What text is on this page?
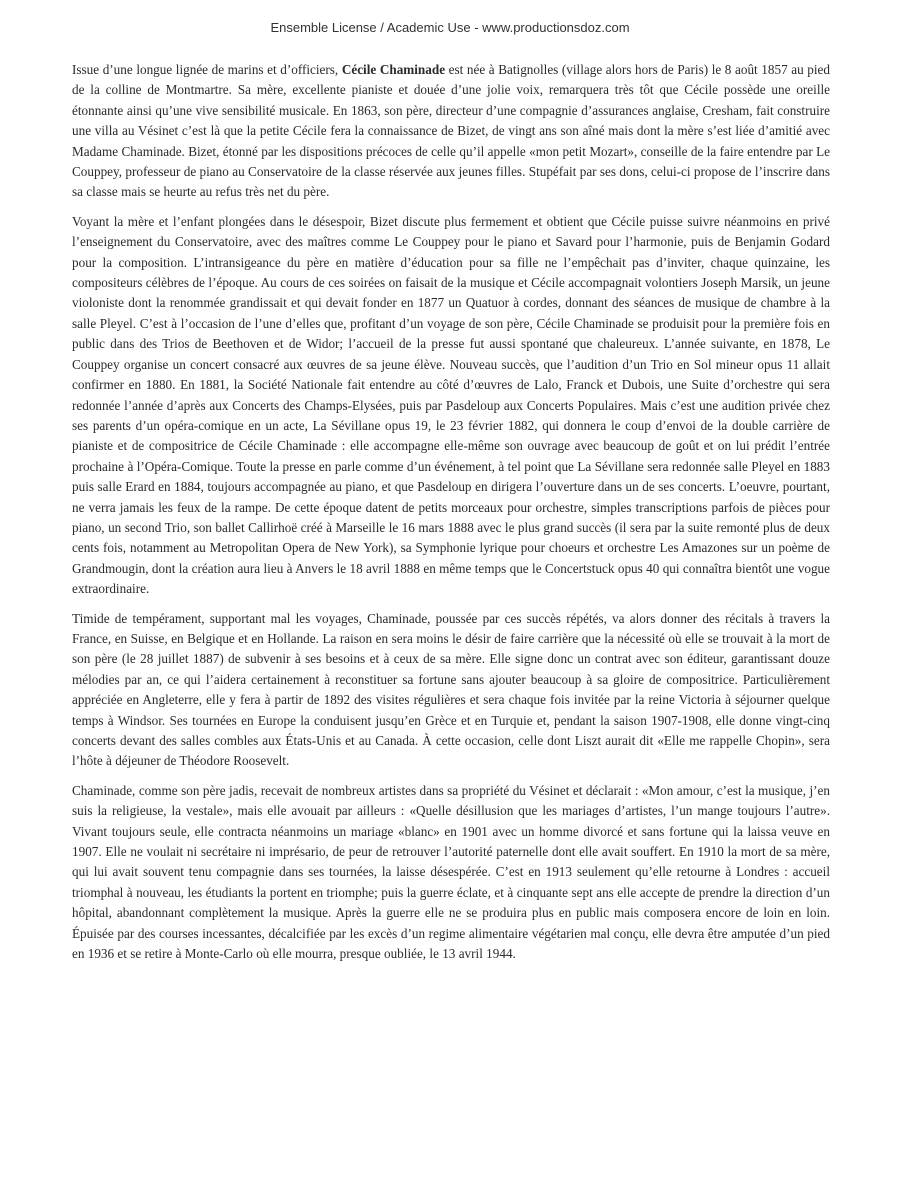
Ensemble License / Academic Use - www.productionsdoz.com

Issue d’une longue lignée de marins et d’officiers, Cécile Chaminade est née à Batignolles (village alors hors de Paris) le 8 août 1857 au pied de la colline de Montmartre. Sa mère, excellente pianiste et douée d’une jolie voix, remarquera très tôt que Cécile possède une oreille étonnante ainsi qu’une vive sensibilité musicale. En 1863, son père, directeur d’une compagnie d’assurances anglaise, Cresham, fait construire une villa au Vésinet c’est là que la petite Cécile fera la connaissance de Bizet, de vingt ans son aîné mais dont la mère s’est liée d’amitié avec Madame Chaminade. Bizet, étonné par les dispositions précoces de celle qu’il appelle «mon petit Mozart», conseille de la faire entendre par Le Couppey, professeur de piano au Conservatoire de la classe réservée aux jeunes filles. Stupéfait par ses dons, celui-ci propose de l’inscrire dans sa classe mais se heurte au refus très net du père.

Voyant la mère et l’enfant plongées dans le désespoir, Bizet discute plus fermement et obtient que Cécile puisse suivre néanmoins en privé l’enseignement du Conservatoire, avec des maîtres comme Le Couppey pour le piano et Savard pour l’harmonie, puis de Benjamin Godard pour la composition. L’intransigeance du père en matière d’éducation pour sa fille ne l’empêchait pas d’inviter, chaque quinzaine, les compositeurs célèbres de l’époque. Au cours de ces soirées on faisait de la musique et Cécile accompagnait volontiers Joseph Marsik, un jeune violoniste dont la renommée grandissait et qui devait fonder en 1877 un Quatuor à cordes, donnant des séances de musique de chambre à la salle Pleyel. C’est à l’occasion de l’une d’elles que, profitant d’un voyage de son père, Cécile Chaminade se produisit pour la première fois en public dans des Trios de Beethoven et de Widor; l’accueil de la presse fut aussi spontané que chaleureux. L’année suivante, en 1878, Le Couppey organise un concert consacré aux œuvres de sa jeune élève. Nouveau succès, que l’audition d’un Trio en Sol mineur opus 11 allait confirmer en 1880. En 1881, la Société Nationale fait entendre au côté d’œuvres de Lalo, Franck et Dubois, une Suite d’orchestre qui sera redonnée l’année d’après aux Concerts des Champs-Elysées, puis par Pasdeloup aux Concerts Populaires. Mais c’est une audition privée chez ses parents d’un opéra-comique en un acte, La Sévillane opus 19, le 23 février 1882, qui donnera le coup d’envoi de la double carrière de pianiste et de compositrice de Cécile Chaminade : elle accompagne elle-même son ouvrage avec beaucoup de goût et on lui prédit l’entrée prochaine à l’Opéra-Comique. Toute la presse en parle comme d’un événement, à tel point que La Sévillane sera redonnée salle Pleyel en 1883 puis salle Erard en 1884, toujours accompagnée au piano, et que Pasdeloup en dirigera l’ouverture dans un de ses concerts. L’oeuvre, pourtant, ne verra jamais les feux de la rampe. De cette époque datent de petits morceaux pour orchestre, simples transcriptions parfois de pièces pour piano, un second Trio, son ballet Callirhoë créé à Marseille le 16 mars 1888 avec le plus grand succès (il sera par la suite remonté plus de deux cents fois, notamment au Metropolitan Opera de New York), sa Symphonie lyrique pour choeurs et orchestre Les Amazones sur un poème de Grandmougin, dont la création aura lieu à Anvers le 18 avril 1888 en même temps que le Concertstuck opus 40 qui connaîtra bientôt une vogue extraordinaire.

Timide de tempérament, supportant mal les voyages, Chaminade, poussée par ces succès répétés, va alors donner des récitals à travers la France, en Suisse, en Belgique et en Hollande. La raison en sera moins le désir de faire carrière que la nécessité où elle se trouvait à la mort de son père (le 28 juillet 1887) de subvenir à ses besoins et à ceux de sa mère. Elle signe donc un contrat avec son éditeur, garantissant douze mélodies par an, ce qui l’aidera certainement à reconstituer sa fortune sans ajouter beaucoup à sa gloire de compositrice. Particulièrement appréciée en Angleterre, elle y fera à partir de 1892 des visites régulières et sera chaque fois invitée par la reine Victoria à séjourner quelque temps à Windsor. Ses tournées en Europe la conduisent jusqu’en Grèce et en Turquie et, pendant la saison 1907-1908, elle donne vingt-cinq concerts devant des salles combles aux États-Unis et au Canada. À cette occasion, celle dont Liszt aurait dit «Elle me rappelle Chopin», sera l’hôte à déjeuner de Théodore Roosevelt.

Chaminade, comme son père jadis, recevait de nombreux artistes dans sa propriété du Vésinet et déclarait : «Mon amour, c’est la musique, j’en suis la religieuse, la vestale», mais elle avouait par ailleurs : «Quelle désillusion que les mariages d’artistes, l’un mange toujours l’autre». Vivant toujours seule, elle contracta néanmoins un mariage «blanc» en 1901 avec un homme divorcé et sans fortune qui la laissa veuve en 1907. Elle ne voulait ni secrétaire ni imprésario, de peur de retrouver l’autorité paternelle dont elle avait souffert. En 1910 la mort de sa mère, qui lui avait souvent tenu compagnie dans ses tournées, la laisse désespérée. C’est en 1913 seulement qu’elle retourne à Londres : accueil triomphal à nouveau, les étudiants la portent en triomphe; puis la guerre éclate, et à cinquante sept ans elle accepte de prendre la direction d’un hôpital, abandonnant complètement la musique. Après la guerre elle ne se produira plus en public mais composera encore de loin en loin. Épuisée par des courses incessantes, décalcifiée par les excès d’un regime alimentaire végétarien mal conçu, elle devra être amputée d’un pied en 1936 et se retire à Monte-Carlo où elle mourra, presque oubliée, le 13 avril 1944.
